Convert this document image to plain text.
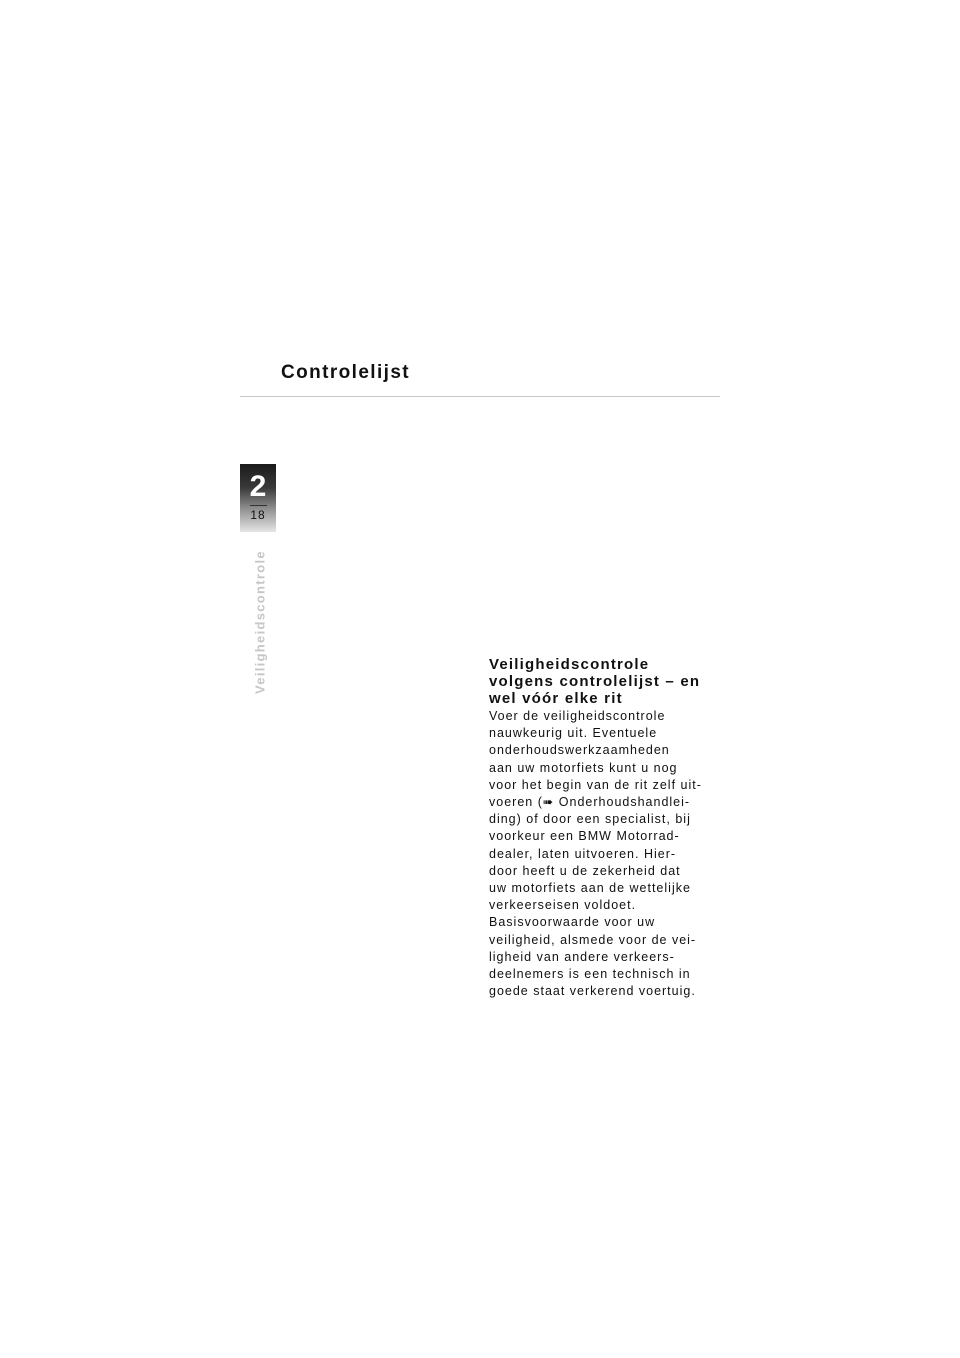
Controlelijst
2
18
Veiligheidscontrole	Veiligheidscontrole
volgens controlelijst – en
wel vóór elke rit
Voer de veiligheidscontrole
nauwkeurig uit. Eventuele
onderhoudswerkzaamheden
aan uw motorfiets kunt u nog
voor het begin van de rit zelf uit-
voeren (➠ Onderhoudshandlei-
ding) of door een specialist, bij
voorkeur een BMW Motorrad-
dealer, laten uitvoeren. Hier-
door heeft u de zekerheid dat
uw motorfiets aan de wettelijke
verkeerseisen voldoet.
Basisvoorwaarde voor uw
veiligheid, alsmede voor de vei-
ligheid van andere verkeers-
deelnemers is een technisch in
goede staat verkerend voertuig.
